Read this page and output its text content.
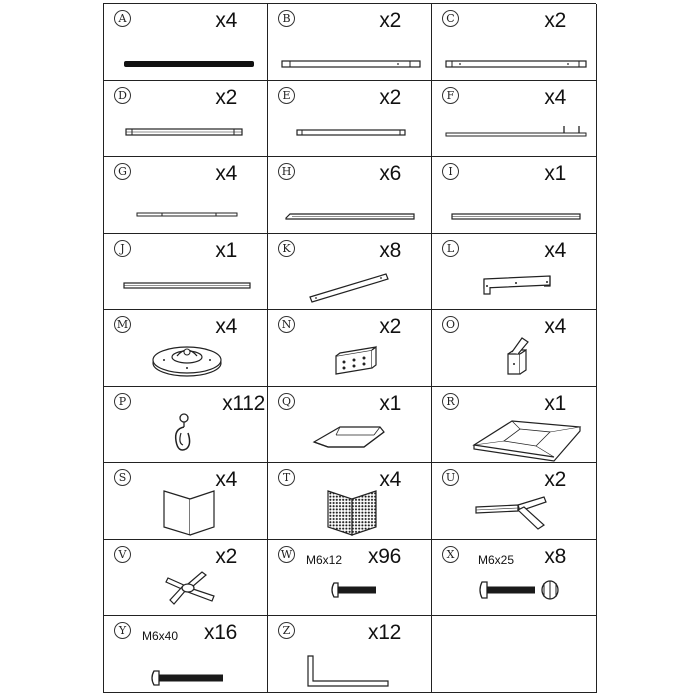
A	x4	B	x2	C	x2
D	x2	E	x2	F	x4
G	x4	H	x6	I	x1
J	x1	K	x8	L	x4
M	x4	N	x2	O	x4
P	x112	Q	x1	R	x1
S	x4	T	x4	U	x2
V	x2	W M6x12 x96	X	M6x25 x8
Y	M6x40 x16	Z	x12
